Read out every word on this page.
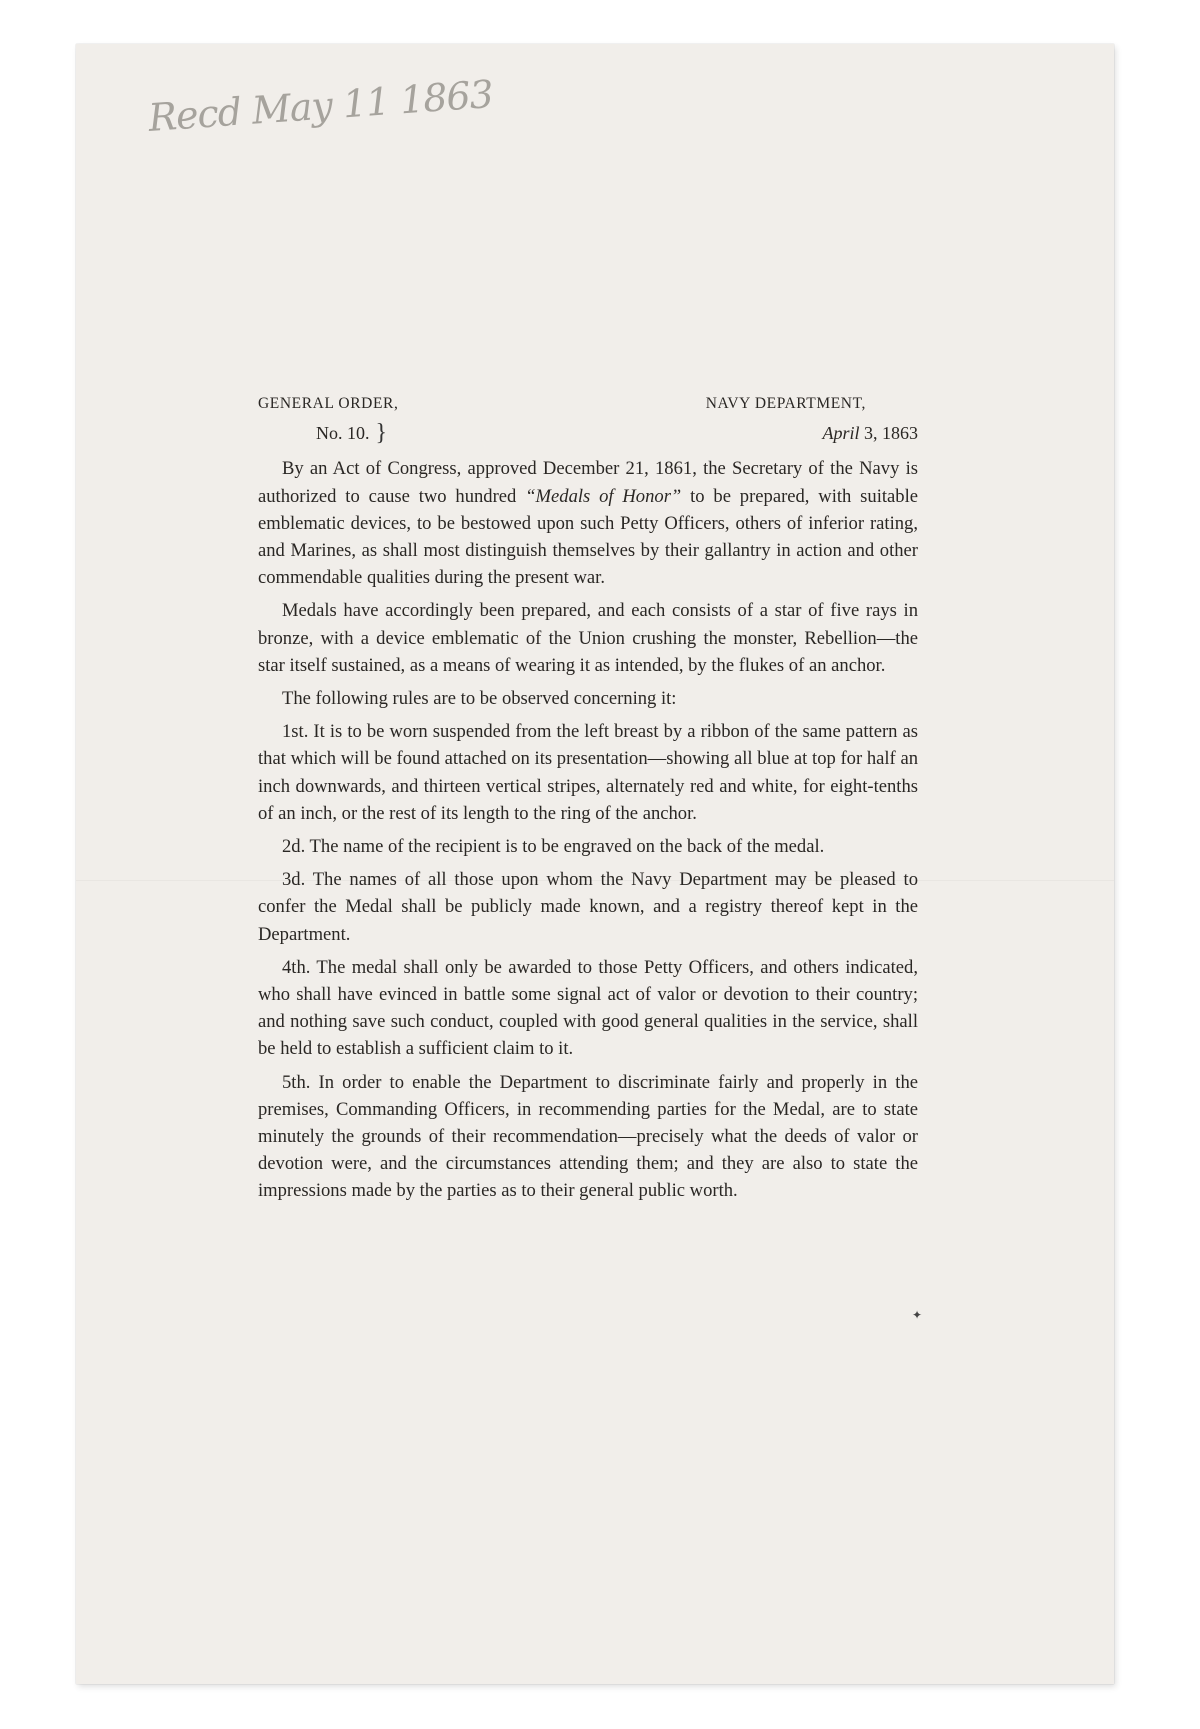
Recd May 11 1863
GENERAL ORDER,	NAVY DEPARTMENT,
No. 10. }	April 3, 1863

By an Act of Congress, approved December 21, 1861, the Secretary of the Navy is authorized to cause two hundred “Medals of Honor” to be prepared, with suitable emblematic devices, to be bestowed upon such Petty Officers, others of inferior rating, and Marines, as shall most distinguish themselves by their gallantry in action and other commendable qualities during the present war.

Medals have accordingly been prepared, and each consists of a star of five rays in bronze, with a device emblematic of the Union crushing the monster, Rebellion—the star itself sustained, as a means of wearing it as intended, by the flukes of an anchor.

The following rules are to be observed concerning it:

1st. It is to be worn suspended from the left breast by a ribbon of the same pattern as that which will be found attached on its presentation—showing all blue at top for half an inch downwards, and thirteen vertical stripes, alternately red and white, for eight-tenths of an inch, or the rest of its length to the ring of the anchor.

2d. The name of the recipient is to be engraved on the back of the medal.

3d. The names of all those upon whom the Navy Department may be pleased to confer the Medal shall be publicly made known, and a registry thereof kept in the Department.

4th. The medal shall only be awarded to those Petty Officers, and others indicated, who shall have evinced in battle some signal act of valor or devotion to their country; and nothing save such conduct, coupled with good general qualities in the service, shall be held to establish a sufficient claim to it.

5th. In order to enable the Department to discriminate fairly and properly in the premises, Commanding Officers, in recommending parties for the Medal, are to state minutely the grounds of their recommendation—precisely what the deeds of valor or devotion were, and the circumstances attending them; and they are also to state the impressions made by the parties as to their general public worth.

✦
